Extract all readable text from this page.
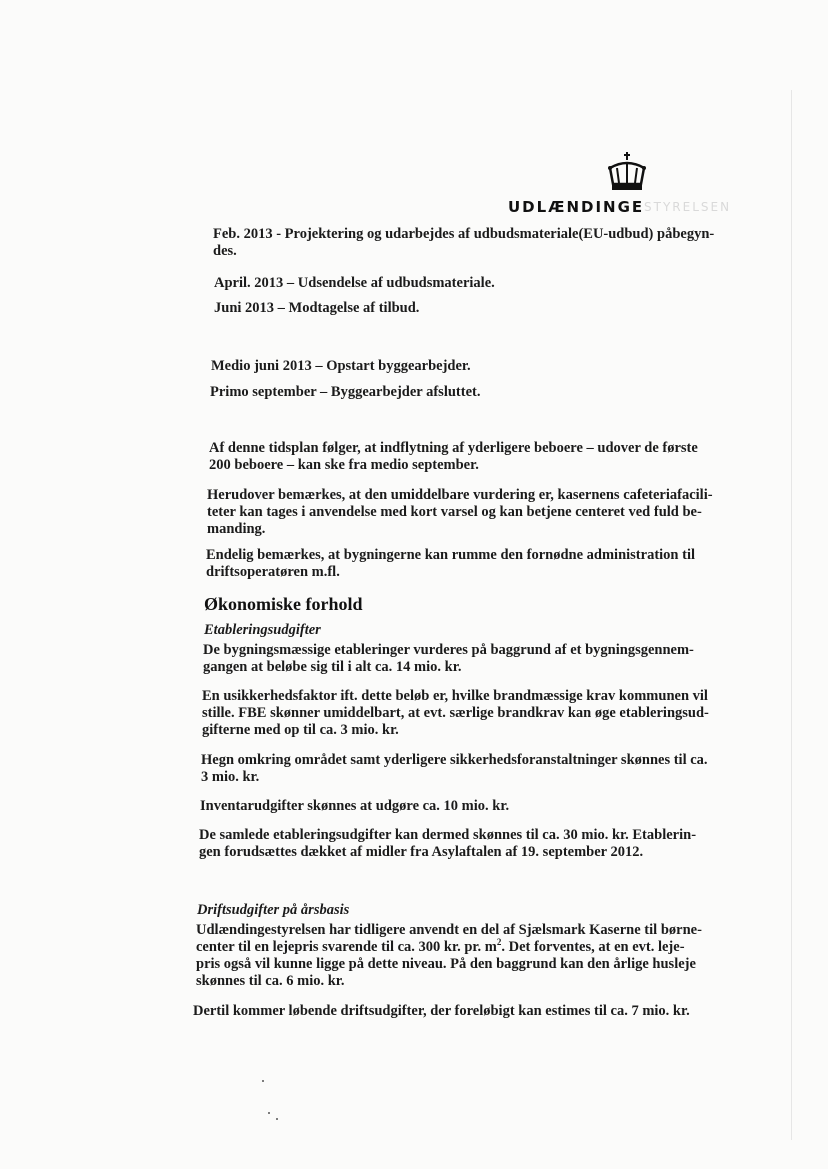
UDLÆNDINGE STYRELSEN
Feb. 2013 - Projektering og udarbejdes af udbudsmateriale(EU-udbud) påbegyn-
des.
April. 2013 – Udsendelse af udbudsmateriale.
Juni 2013 – Modtagelse af tilbud.
Medio juni 2013 – Opstart byggearbejder.
Primo september – Byggearbejder afsluttet.
Af denne tidsplan følger, at indflytning af yderligere beboere – udover de første
200 beboere – kan ske fra medio september.
Herudover bemærkes, at den umiddelbare vurdering er, kasernens cafeteriafacili-
teter kan tages i anvendelse med kort varsel og kan betjene centeret ved fuld be-
manding.
Endelig bemærkes, at bygningerne kan rumme den fornødne administration til
driftsoperatøren m.fl.
Økonomiske forhold
Etableringsudgifter
De bygningsmæssige etableringer vurderes på baggrund af et bygningsgennem-
gangen at beløbe sig til i alt ca. 14 mio. kr.
En usikkerhedsfaktor ift. dette beløb er, hvilke brandmæssige krav kommunen vil
stille. FBE skønner umiddelbart, at evt. særlige brandkrav kan øge etableringsud-
gifterne med op til ca. 3 mio. kr.
Hegn omkring området samt yderligere sikkerhedsforanstaltninger skønnes til ca.
3 mio. kr.
Inventarudgifter skønnes at udgøre ca. 10 mio. kr.
De samlede etableringsudgifter kan dermed skønnes til ca. 30 mio. kr. Etablerin-
gen forudsættes dækket af midler fra Asylaftalen af 19. september 2012.
Driftsudgifter på årsbasis
Udlændingestyrelsen har tidligere anvendt en del af Sjælsmark Kaserne til børne-
center til en lejepris svarende til ca. 300 kr. pr. $m^2$. Det forventes, at en evt. leje-
pris også vil kunne ligge på dette niveau. På den baggrund kan den årlige husleje
skønnes til ca. 6 mio. kr.
Dertil kommer løbende driftsudgifter, der foreløbigt kan estimes til ca. 7 mio. kr.
